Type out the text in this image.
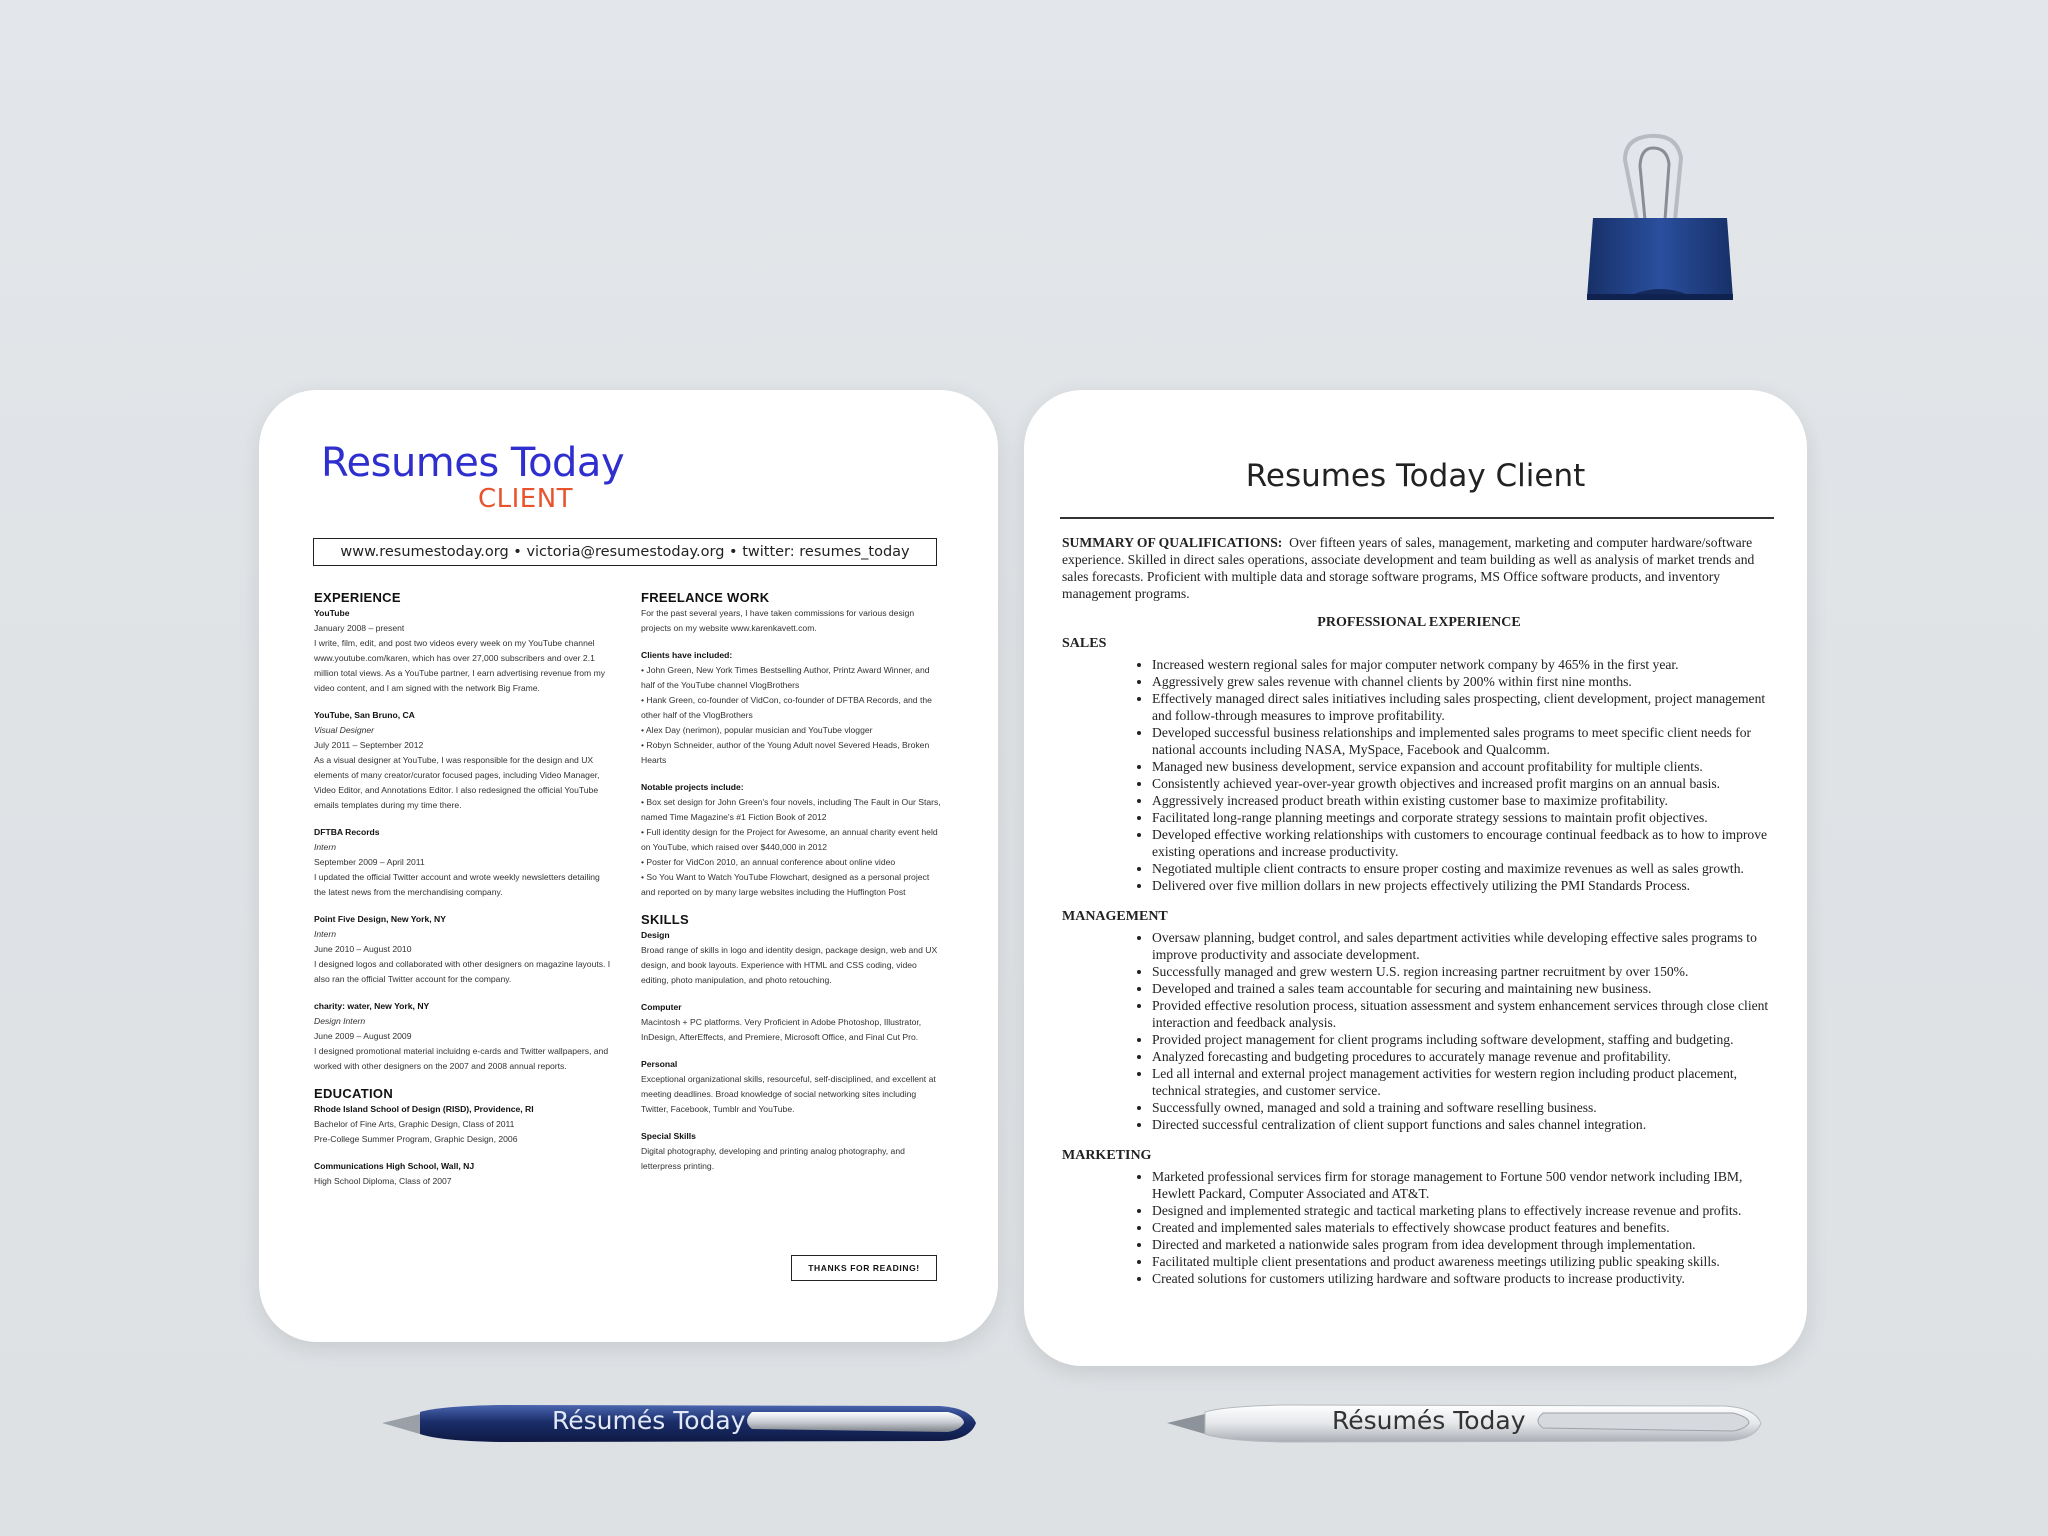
Resumes Today
CLIENT
www.resumestoday.org • victoria@resumestoday.org • twitter: resumes_today
EXPERIENCE

YouTube

January 2008 – present

I write, film, edit, and post two videos every week on my YouTube channel www.youtube.com/karen, which has over 27,000 subscribers and over 2.1 million total views. As a YouTube partner, I earn advertising revenue from my video content, and I am signed with the network Big Frame.

YouTube, San Bruno, CA

Visual Designer

July 2011 – September 2012

As a visual designer at YouTube, I was responsible for the design and UX elements of many creator/curator focused pages, including Video Manager, Video Editor, and Annotations Editor. I also redesigned the official YouTube emails templates during my time there.

DFTBA Records

Intern

September 2009 – April 2011

I updated the official Twitter account and wrote weekly newsletters detailing the latest news from the merchandising company.

Point Five Design, New York, NY

Intern

June 2010 – August 2010

I designed logos and collaborated with other designers on magazine layouts. I also ran the official Twitter account for the company.

charity: water, New York, NY

Design Intern

June 2009 – August 2009

I designed promotional material incluidng e-cards and Twitter wallpapers, and worked with other designers on the 2007 and 2008 annual reports.

EDUCATION

Rhode Island School of Design (RISD), Providence, RI

Bachelor of Fine Arts, Graphic Design, Class of 2011

Pre-College Summer Program, Graphic Design, 2006

Communications High School, Wall, NJ

High School Diploma, Class of 2007

FREELANCE WORK

For the past several years, I have taken commissions for various design projects on my website www.karenkavett.com.

Clients have included:

• John Green, New York Times Bestselling Author, Printz Award Winner, and half of the YouTube channel VlogBrothers

• Hank Green, co-founder of VidCon, co-founder of DFTBA Records, and the other half of the VlogBrothers

• Alex Day (nerimon), popular musician and YouTube vlogger

• Robyn Schneider, author of the Young Adult novel Severed Heads, Broken Hearts

Notable projects include:

• Box set design for John Green's four novels, including The Fault in Our Stars, named Time Magazine's #1 Fiction Book of 2012

• Full identity design for the Project for Awesome, an annual charity event held on YouTube, which raised over $440,000 in 2012

• Poster for VidCon 2010, an annual conference about online video

• So You Want to Watch YouTube Flowchart, designed as a personal project and reported on by many large websites including the Huffington Post

SKILLS

Design

Broad range of skills in logo and identity design, package design, web and UX design, and book layouts. Experience with HTML and CSS coding, video editing, photo manipulation, and photo retouching.

Computer

Macintosh + PC platforms. Very Proficient in Adobe Photoshop, Illustrator, InDesign, AfterEffects, and Premiere, Microsoft Office, and Final Cut Pro.

Personal

Exceptional organizational skills, resourceful, self-disciplined, and excellent at meeting deadlines. Broad knowledge of social networking sites including Twitter, Facebook, Tumblr and YouTube.

Special Skills

Digital photography, developing and printing analog photography, and letterpress printing.

THANKS FOR READING!
Resumes Today Client

SUMMARY OF QUALIFICATIONS: Over fifteen years of sales, management, marketing and computer hardware/software experience. Skilled in direct sales operations, associate development and team building as well as analysis of market trends and sales forecasts. Proficient with multiple data and storage software programs, MS Office software products, and inventory management programs.

PROFESSIONAL EXPERIENCE
SALES
• Increased western regional sales for major computer network company by 465% in the first year.
• Aggressively grew sales revenue with channel clients by 200% within first nine months.
• Effectively managed direct sales initiatives including sales prospecting, client development, project management and follow-through measures to improve profitability.
• Developed successful business relationships and implemented sales programs to meet specific client needs for national accounts including NASA, MySpace, Facebook and Qualcomm.
• Managed new business development, service expansion and account profitability for multiple clients.
• Consistently achieved year-over-year growth objectives and increased profit margins on an annual basis.
• Aggressively increased product breath within existing customer base to maximize profitability.
• Facilitated long-range planning meetings and corporate strategy sessions to maintain profit objectives.
• Developed effective working relationships with customers to encourage continual feedback as to how to improve existing operations and increase productivity.
• Negotiated multiple client contracts to ensure proper costing and maximize revenues as well as sales growth.
• Delivered over five million dollars in new projects effectively utilizing the PMI Standards Process.
MANAGEMENT
• Oversaw planning, budget control, and sales department activities while developing effective sales programs to improve productivity and associate development.
• Successfully managed and grew western U.S. region increasing partner recruitment by over 150%.
• Developed and trained a sales team accountable for securing and maintaining new business.
• Provided effective resolution process, situation assessment and system enhancement services through close client interaction and feedback analysis.
• Provided project management for client programs including software development, staffing and budgeting.
• Analyzed forecasting and budgeting procedures to accurately manage revenue and profitability.
• Led all internal and external project management activities for western region including product placement, technical strategies, and customer service.
• Successfully owned, managed and sold a training and software reselling business.
• Directed successful centralization of client support functions and sales channel integration.
MARKETING
• Marketed professional services firm for storage management to Fortune 500 vendor network including IBM, Hewlett Packard, Computer Associated and AT&T.
• Designed and implemented strategic and tactical marketing plans to effectively increase revenue and profits.
• Created and implemented sales materials to effectively showcase product features and benefits.
• Directed and marketed a nationwide sales program from idea development through implementation.
• Facilitated multiple client presentations and product awareness meetings utilizing public speaking skills.
• Created solutions for customers utilizing hardware and software products to increase productivity.
Résumés Today	Résumés Today
